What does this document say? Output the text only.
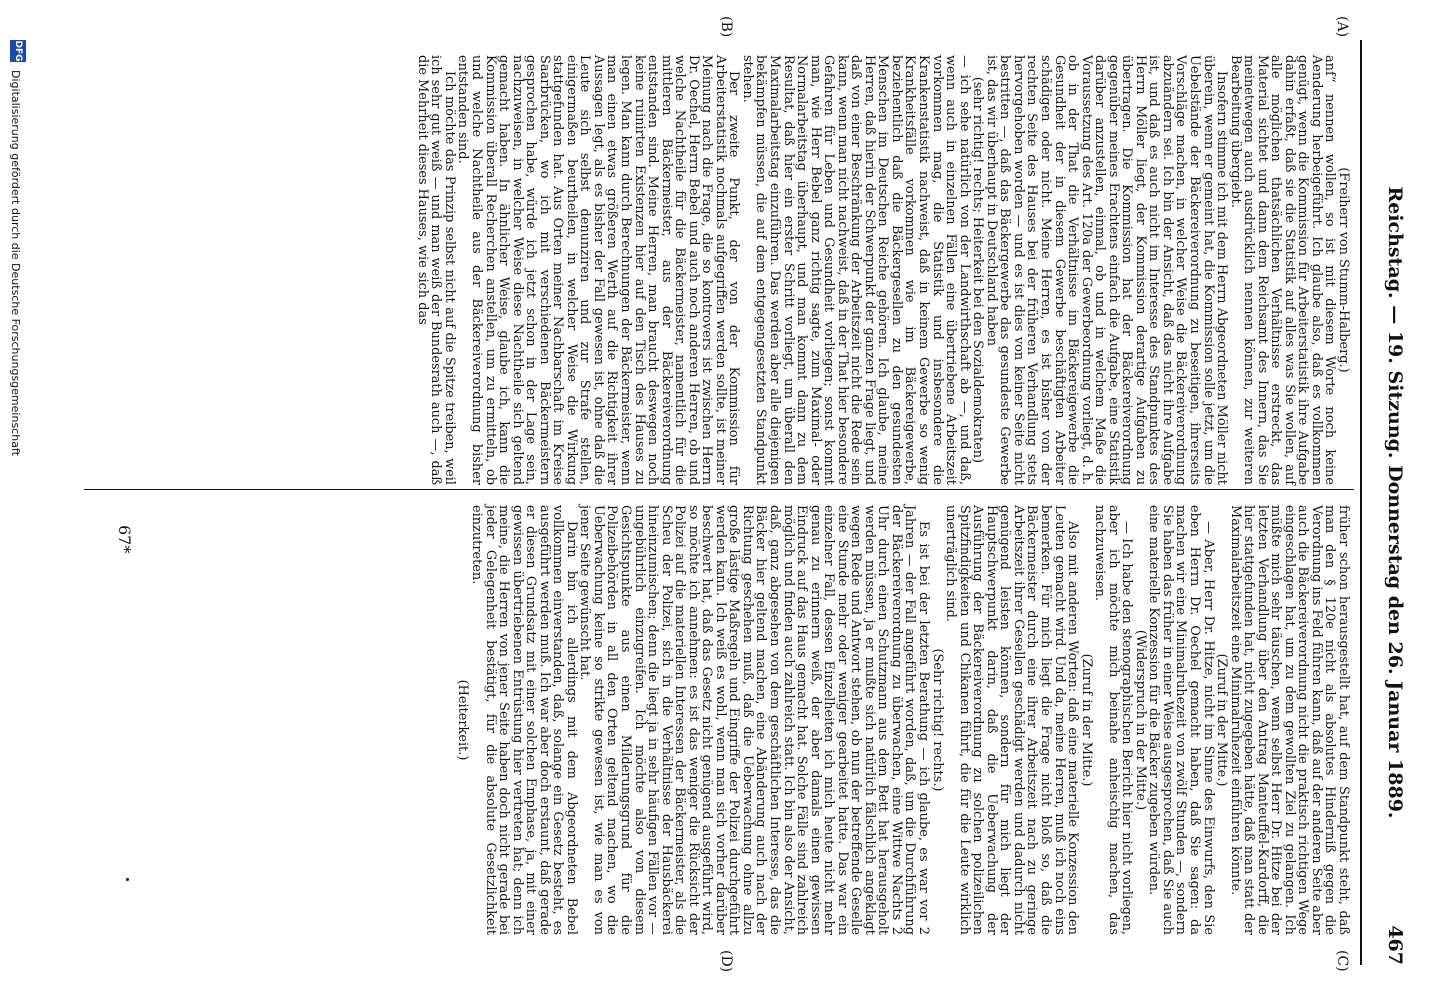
Reichstag. — 19. Sitzung. Donnerstag den 26. Januar 1889.
467
(A)
(B)
(C)
(D)

(Freiherr von Stumm-Halberg.)

anf“ nennen wollen, so ist mit diesem Worte noch keine Aenderung herbeigeführt. Ich glaube also, daß es vollkommen genügt, wenn die Kommission für Arbeiterstatistik ihre Aufgabe dahin erfaßt, daß sie die Statistik auf alles was Sie wollen, auf alle möglichen thatsächlichen Verhältnisse erstreckt, das Material sichtet und dann dem Reichsamt des Innern, das Sie meinetwegen auch ausdrücklich nennen können, zur weiteren Bearbeitung übergiebt.

Insofern stimme ich mit dem Herrn Abgeordneten Möller nicht überein, wenn er gemeint hat, die Kommission solle jetzt, um die Uebelstände der Bäckereiverordnung zu beseitigen, ihrerseits Vorschläge machen, in welcher Weise die Bäckereiverordnung abzuändern sei. Ich bin der Ansicht, daß das nicht ihre Aufgabe ist, und daß es auch nicht im Interesse des Standpunktes des Herrn Möller liegt, der Kommission derartige Aufgaben zu übertragen. Die Kommission hat der Bäckereiverordnung gegenüber meines Erachtens einfach die Aufgabe, eine Statistik darüber anzustellen, einmal, ob und in welchem Maße die Voraussetzung des Art. 120a der Gewerbeordnung vorliegt, d. h. ob in der That die Verhältnisse im Bäckereigewerbe die Gesundheit der in diesem Gewerbe beschäftigten Arbeiter schädigen oder nicht. Meine Herren, es ist bisher von der rechten Seite des Hauses bei der früheren Verhandlung stets hervorgehoben worden — und es ist dies von keiner Seite nicht bestritten —, daß das Bäckergewerbe das gesundeste Gewerbe ist, das wir überhaupt in Deutschland haben

(sehr richtig! rechts; Heiterkeit bei den Sozialdemokraten)

— ich sehe natürlich von der Landwirthschaft ab —, und daß, wenn auch in einzelnen Fällen eine übertriebene Arbeitszeit vorkommen mag, die Statistik und insbesondere die Krankenstatistik nachweist, daß in keinem Gewerbe so wenig Krankheitsfälle vorkommen wie im Bäckereigewerbe, beziehentlich daß die Bäckergesellen zu den gesundesten Menschen im Deutschen Reiche gehören. Ich glaube, meine Herren, daß hierin der Schwerpunkt der ganzen Frage liegt, und daß von einer Beschränkung der Arbeitszeit nicht die Rede sein kann, wenn man nicht nachweist, daß in der That hier besondere Gefahren für Leben und Gesundheit vorliegen; sonst kommt man, wie Herr Bebel ganz richtig sagte, zum Maximal- oder Normalarbeitstag überhaupt, und man kommt dann zu dem Resultat, daß hier ein erster Schritt vorliegt, um überall den Maximalarbeitstag einzuführen. Das werden aber alle diejenigen bekämpfen müssen, die auf dem entgegengesetzten Standpunkt stehen.

Der zweite Punkt, der von der Kommission für Arbeiterstatistik nochmals aufgegriffen werden sollte, ist meiner Meinung nach die Frage, die so kontrovers ist zwischen Herrn Dr. Oechel, Herrn Bebel und auch noch anderen Herren, ob und welche Nachtheile für die Bäckermeister, namentlich für die mittleren Bäckermeister, aus der Bäckereiverordnung entstanden sind. Meine Herren, man braucht deswegen noch keine ruinirten Existenzen hier auf den Tisch des Hauses zu legen. Man kann durch Berechnungen der Bäckermeister, wenn man einen etwas größeren Werth auf die Richtigkeit ihrer Aussagen legt, als es bisher der Fall gewesen ist, ohne daß die Leute sich selbst denunziren und zur Strafe stellen, einigermaßen beurtheilen, in welcher Weise die Wirkung stattgefunden hat. Aus Orten meiner Nachbarschaft im Kreise Saarbrücken, wo ich mit verschiedenen Bäckermeistern gesprochen habe, würde ich jetzt schon in der Lage sein, nachzuweisen, in welcher Weise diese Nachtheile sich geltend gemacht haben. In ähnlicher Weise, glaube ich, kann die Kommission überall Recherchen anstellen, um zu ermitteln, ob und welche Nachtheile aus der Bäckereiverordnung bisher entstanden sind.

Ich möchte das Prinzip selbst nicht auf die Spitze treiben, weil ich sehr gut weiß — und man weiß der Bundesrath auch —, daß die Mehrheit dieses Hauses, wie sich das

früher schon herausgestellt hat, auf dem Standpunkt steht, daß man den § 120e nicht als absolutes Hinderniß gegen die Verordnung ins Feld führen kann, daß auf der anderen Seite aber auch die Bäckereiverordnung nicht die praktisch richtigen Wege eingeschlagen hat, um zu dem gewollten Ziel zu gelangen. Ich müßte mich sehr täuschen, wenn selbst Herr Dr. Hitze bei der letzten Verhandlung über den Antrag Manteuffel-Kardorff, die hier stattgefunden hat, nicht zugegeben hätte, daß man statt der Maximalarbeitszeit eine Minimalruhezeit einführen könnte.

(Zuruf in der Mitte.)

— Aber, Herr Dr. Hitze, nicht im Sinne des Einwurfs, den Sie eben Herrn Dr. Oechel gemacht haben, daß Sie sagen: da machen wir eine Minimalruhezeit von zwölf Stunden —, sondern Sie haben das früher in einer Weise ausgesprochen, daß Sie auch eine materielle Konzession für die Bäcker zugeben würden.

(Widerspruch in der Mitte.)

— Ich habe den stenographischen Bericht hier nicht vorliegen, aber ich möchte mich beinahe anheischig machen, das nachzuweisen.

(Zuruf in der Mitte.)

Also mit anderen Worten: daß eine materielle Konzession den Leuten gemacht wird. Und da, meine Herren, muß ich noch eins bemerken. Für mich liegt die Frage nicht bloß so, daß die Bäckermeister durch eine ihrer Arbeitszeit nach zu geringe Arbeitszeit ihrer Gesellen geschädigt werden und dadurch nicht genügend leisten können, sondern für mich liegt der Hauptschwerpunkt darin, daß die Ueberwachung der Ausführung der Bäckereiverordnung zu solchen polizeilichen Spitzfindigkeiten und Chikanen führt, die für die Leute wirklich unerträglich sind.

(Sehr richtig! rechts.)

Es ist bei der letzten Berathung — ich glaube, es war vor 2 Jahren — der Fall angeführt worden, daß, um die Durchführung der Bäckereiverordnung zu überwachen, eine Wittwe Nachts 2 Uhr durch einen Schutzmann aus dem Bett hat herausgeholt werden müssen, ja er mußte sich natürlich fälschlich angeklagt wegen Rede und Antwort stehen, ob nun der betreffende Geselle eine Stunde mehr oder weniger gearbeitet hatte. Das war ein einzelner Fall, dessen Einzelheiten ich mich heute nicht mehr genau zu erinnern weiß, der aber damals einen gewissen Eindruck auf das Haus gemacht hat. Solche Fälle sind zahlreich möglich und finden auch zahlreich statt. Ich bin also der Ansicht, daß, ganz abgesehen von dem geschäftlichen Interesse, das die Bäcker hier geltend machen, eine Abänderung auch nach der Richtung geschehen muß, daß die Ueberwachung ohne allzu große lästige Maßregeln und Eingriffe der Polizei durchgeführt werden kann. Ich weiß es wohl, wenn man sich vorher darüber beschwert hat, daß das Gesetz nicht genügend ausgeführt wird, so möchte ich annehmen: es ist das weniger die Rücksicht der Polizei auf die materiellen Interessen der Bäckermeister, als die Scheu der Polizei, sich in die Verhältnisse der Hausbäckerei hineinzumischen; denn die liegt ja in sehr häufigen Fällen vor — ungebührlich einzugreifen. Ich möchte also von diesem Gesichtspunkte aus einen Milderungsgrund für die Polizeibehörden in all den Orten geltend machen, wo die Ueberwachung keine so strikte gewesen ist, wie man es von jener Seite gewünscht hat.

Darin bin ich allerdings mit dem Abgeordneten Bebel vollkommen einverstanden, daß, solange ein Gesetz besteht, es ausgeführt werden muß. Ich war aber doch erstaunt, daß gerade er diesen Grundsatz mit einer solchen Emphase, ja, mit einer gewissen übertriebenen Entrüstung hier vertreten hat; denn ich meine, die Herren von jener Seite haben doch nicht gerade bei jeder Gelegenheit bestätigt, für die absolute Gesetzlichkeit einzutreten.

(Heiterkeit.)

67*
DFG
Digitalisierung gefördert durch die Deutsche Forschungsgemeinschaft
